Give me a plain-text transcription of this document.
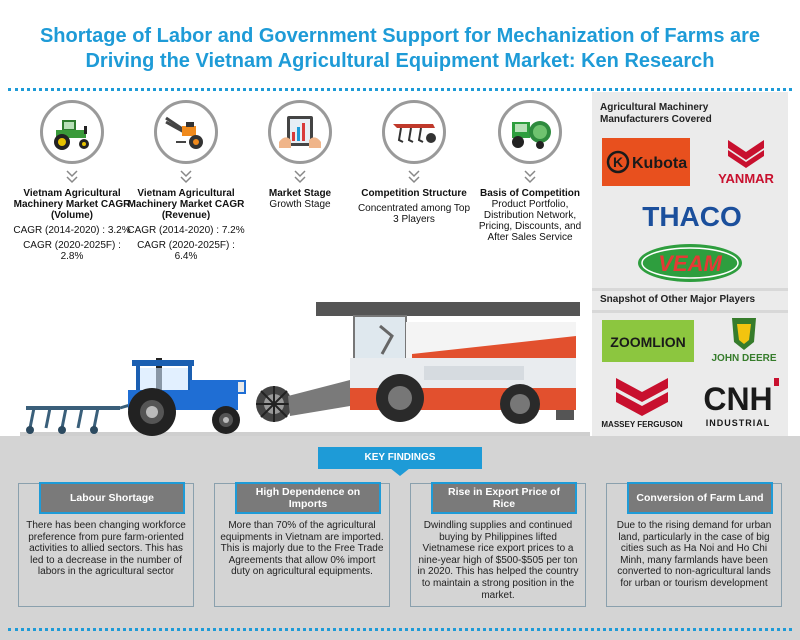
Shortage of Labor and Government Support for Mechanization of Farms are
Driving the Vietnam Agricultural Equipment Market: Ken Research
Vietnam Agricultural Machinery Market CAGR (Volume)
CAGR (2014-2020) : 3.2%
CAGR (2020-2025F) : 2.8%
Vietnam Agricultural Machinery Market CAGR (Revenue)
CAGR (2014-2020) : 7.2%
CAGR (2020-2025F) : 6.4%
Market Stage
Growth Stage
Competition Structure
Concentrated among Top 3 Players
Basis of Competition
Product Portfolio, Distribution Network, Pricing, Discounts, and After Sales Service
Agricultural Machinery Manufacturers Covered
K Kubota
YANMAR
THACO
VEAM
Snapshot of Other Major Players
ZOOMLION
JOHN DEERE
MASSEY FERGUSON
CNH
INDUSTRIAL
KEY FINDINGS
Labour Shortage
There has been changing workforce preference from pure farm-oriented activities to allied sectors. This has led to a decrease in the number of labors in the agricultural sector
High Dependence on Imports
More than 70% of the agricultural equipments in Vietnam are imported. This is majorly due to the Free Trade Agreements that allow 0% import duty on agricultural equipments.
Rise in Export Price of Rice
Dwindling supplies and continued buying by Philippines lifted Vietnamese rice export prices to a nine-year high of $500-$505 per ton in 2020. This has helped the country to maintain a strong position in the market.
Conversion of Farm Land
Due to the rising demand for urban land, particularly in the case of big cities such as Ha Noi and Ho Chi Minh, many farmlands have been converted to non-agricultural lands for urban or tourism development
